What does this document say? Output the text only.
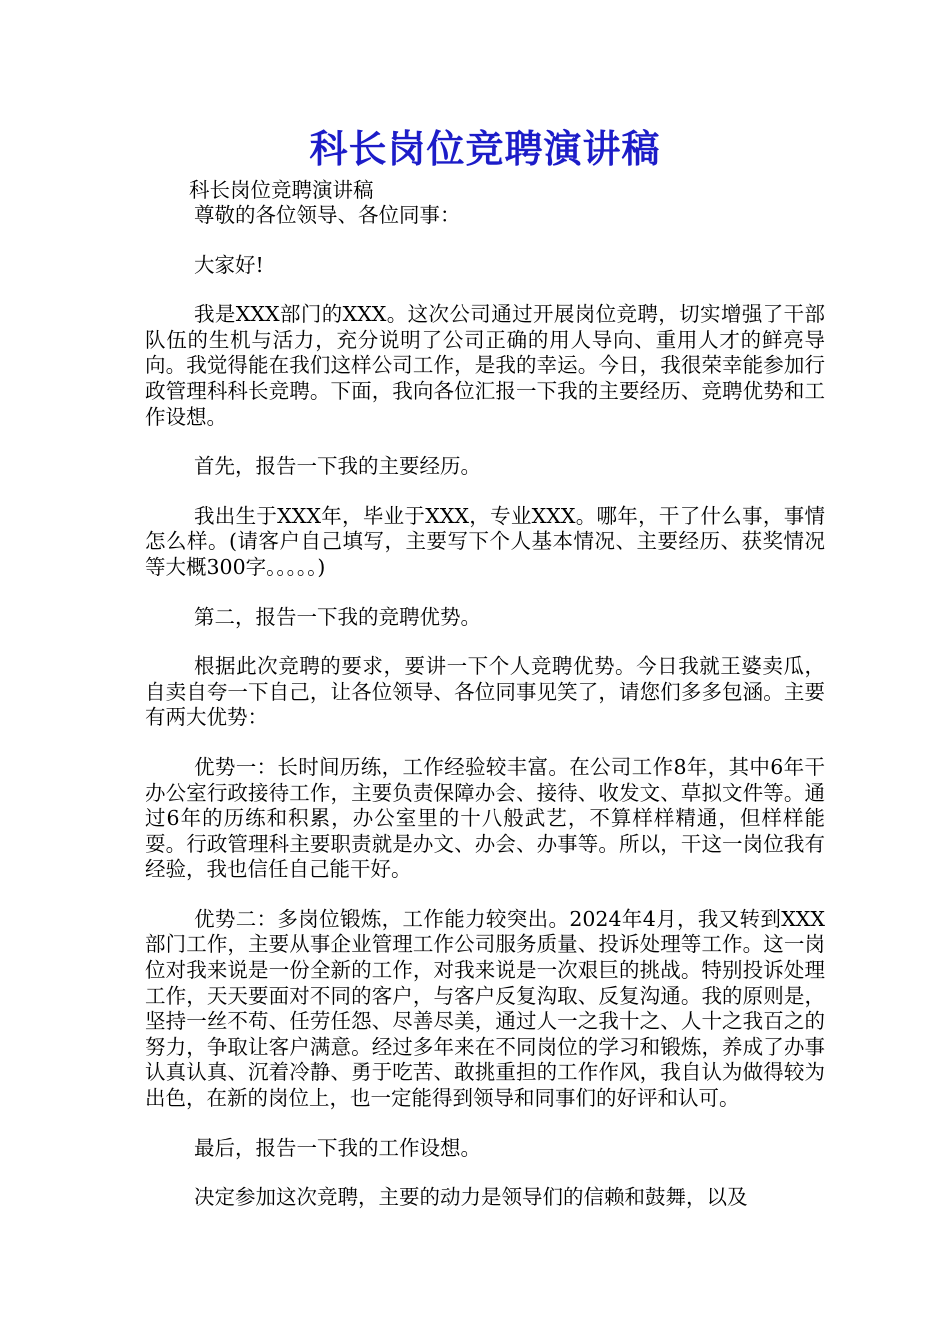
科长岗位竞聘演讲稿

科长岗位竞聘演讲稿

尊敬的各位领导、各位同事：

大家好!

我是XXX部门的XXX。这次公司通过开展岗位竞聘，切实增强了干部队伍的生机与活力，充分说明了公司正确的用人导向、重用人才的鲜亮导向。我觉得能在我们这样公司工作，是我的幸运。今日，我很荣幸能参加行政管理科科长竞聘。下面，我向各位汇报一下我的主要经历、竞聘优势和工作设想。

首先，报告一下我的主要经历。

我出生于XXX年，毕业于XXX，专业XXX。哪年，干了什么事，事情怎么样。(请客户自己填写，主要写下个人基本情况、主要经历、获奖情况等大概300字。。。。。)

第二，报告一下我的竞聘优势。

根据此次竞聘的要求，要讲一下个人竞聘优势。今日我就王婆卖瓜，自卖自夸一下自己，让各位领导、各位同事见笑了，请您们多多包涵。主要有两大优势：

优势一：长时间历练，工作经验较丰富。在公司工作8年，其中6年干办公室行政接待工作，主要负责保障办会、接待、收发文、草拟文件等。通过6年的历练和积累，办公室里的十八般武艺，不算样样精通，但样样能耍。行政管理科主要职责就是办文、办会、办事等。所以，干这一岗位我有经验，我也信任自己能干好。

优势二：多岗位锻炼，工作能力较突出。2024年4月，我又转到XXX部门工作，主要从事企业管理工作公司服务质量、投诉处理等工作。这一岗位对我来说是一份全新的工作，对我来说是一次艰巨的挑战。特别投诉处理工作，天天要面对不同的客户，与客户反复沟取、反复沟通。我的原则是，坚持一丝不苟、任劳任怨、尽善尽美，通过人一之我十之、人十之我百之的努力，争取让客户满意。经过多年来在不同岗位的学习和锻炼，养成了办事认真认真、沉着冷静、勇于吃苦、敢挑重担的工作作风，我自认为做得较为出色，在新的岗位上，也一定能得到领导和同事们的好评和认可。

最后，报告一下我的工作设想。

决定参加这次竞聘，主要的动力是领导们的信赖和鼓舞，以及
